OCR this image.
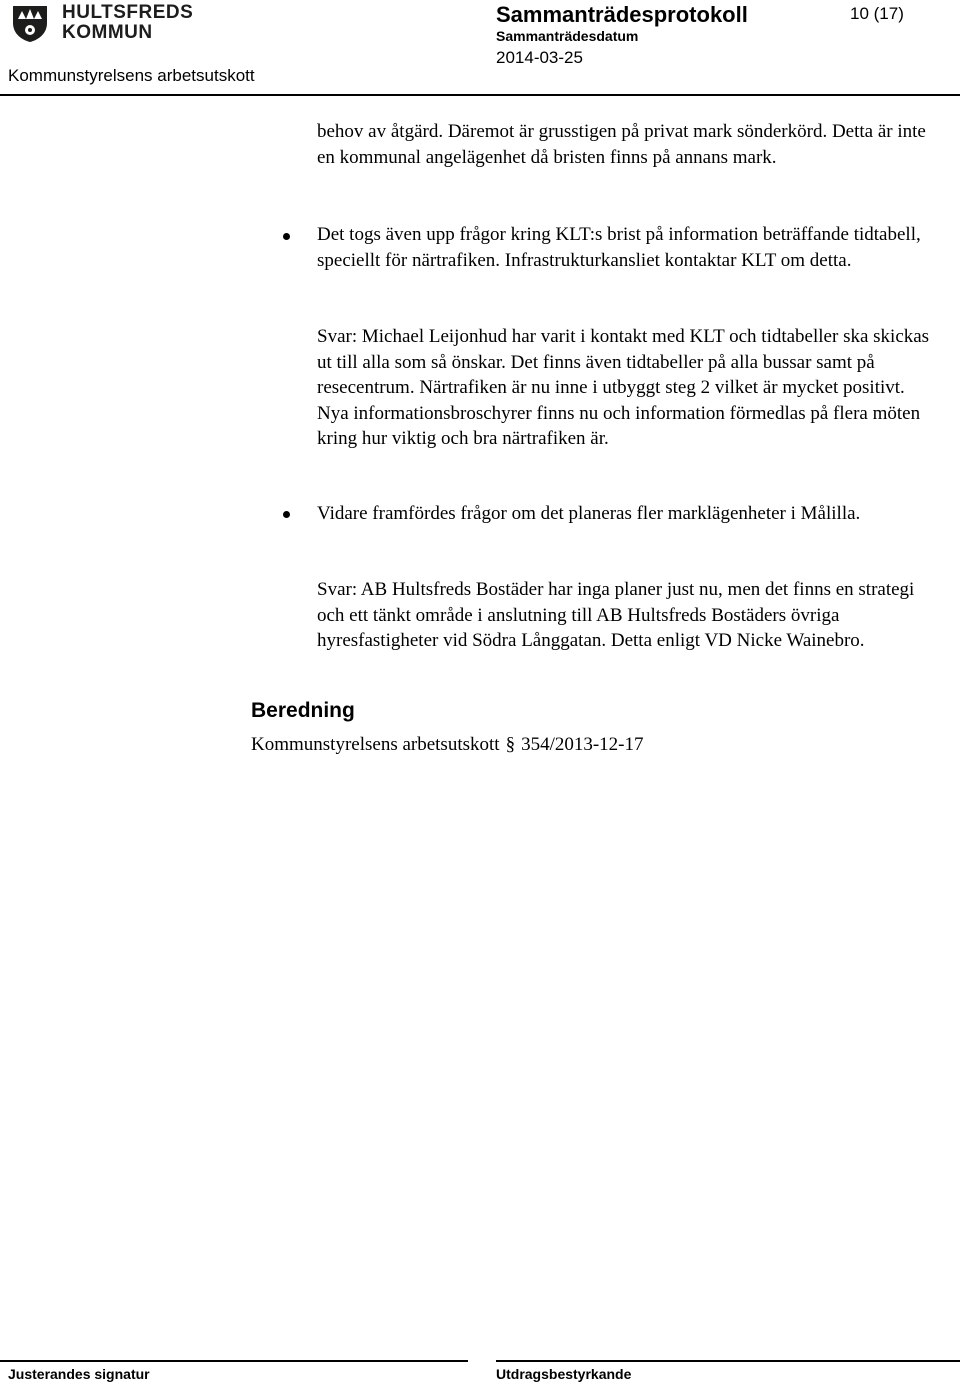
HULTSFREDS
KOMMUN
Kommunstyrelsens arbetsutskott
Sammanträdesprotokoll
Sammanträdesdatum
2014-03-25
10 (17)
behov av åtgärd. Däremot är grusstigen på privat mark sönderkörd. Detta är inte en kommunal angelägenhet då bristen finns på annans mark.
Det togs även upp frågor kring KLT:s brist på information beträffande tidtabell, speciellt för närtrafiken. Infrastrukturkansliet kontaktar KLT om detta.
Svar: Michael Leijonhud har varit i kontakt med KLT och tidtabeller ska skickas ut till alla som så önskar. Det finns även tidtabeller på alla bussar samt på resecentrum. Närtrafiken är nu inne i utbyggt steg 2 vilket är mycket positivt. Nya informationsbroschyrer finns nu och information förmedlas på flera möten kring hur viktig och bra närtrafiken är.
Vidare framfördes frågor om det planeras fler marklägenheter i Målilla.
Svar: AB Hultsfreds Bostäder har inga planer just nu, men det finns en strategi och ett tänkt område i anslutning till AB Hultsfreds Bostäders övriga hyresfastigheter vid Södra Långgatan. Detta enligt VD Nicke Wainebro.
Beredning
Kommunstyrelsens arbetsutskott § 354/2013-12-17
Justerandes signatur	Utdragsbestyrkande
